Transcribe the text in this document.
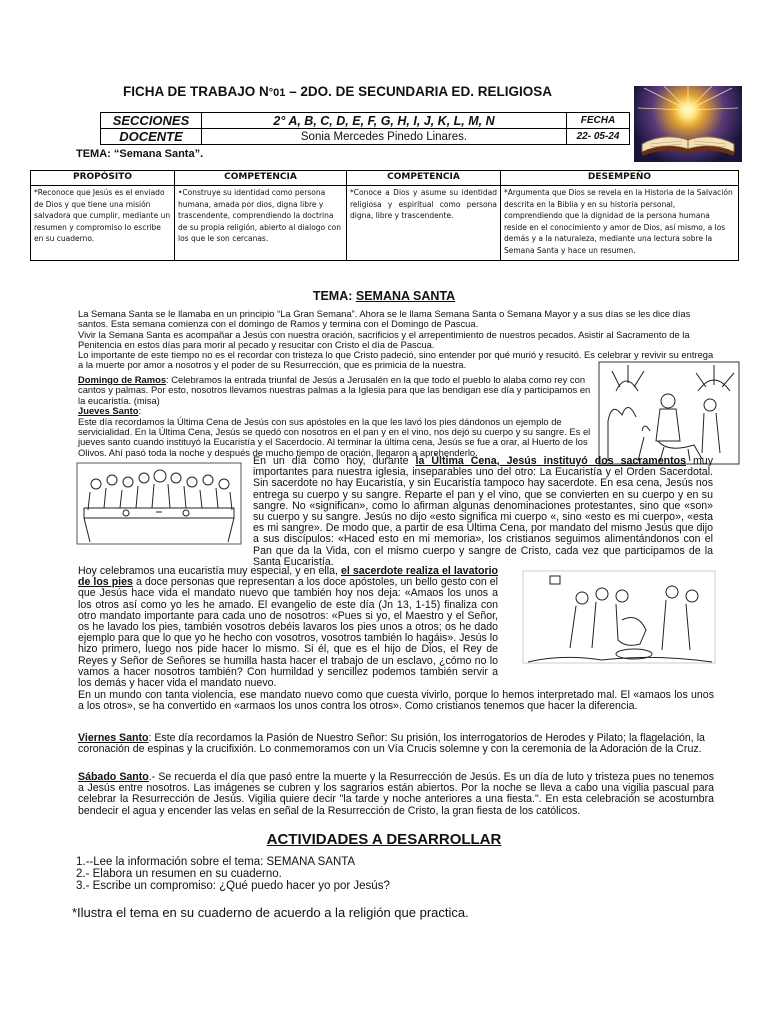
FICHA DE TRABAJO N°01 – 2DO. DE SECUNDARIA ED. RELIGIOSA
SECCIONES	2° A, B, C, D, E, F, G, H, I, J, K, L, M, N	FECHA
DOCENTE	Sonia Mercedes Pinedo Linares.	22- 05-24
TEMA: “Semana Santa”.
PROPÓSITO	COMPETENCIA	COMPETENCIA	DESEMPEÑO
*Reconoce que Jesús es el enviado de Dios y que tiene una misión salvadora que cumplir, mediante un resumen y compromiso lo escribe en su cuaderno.	•Construye su identidad como persona humana, amada por dios, digna libre y trascendente, comprendiendo la doctrina de su propia religión, abierto al dialogo con los que le son cercanas.	*Conoce a Dios y asume su identidad religiosa y espiritual como persona digna, libre y trascendente.	*Argumenta que Dios se revela en la Historia de la Salvación descrita en la Biblia y en su historia personal, comprendiendo que la dignidad de la persona humana reside en el conocimiento y amor de Dios, así mismo, a los demás y a la naturaleza, mediante una lectura sobre la Semana Santa y hace un resumen.
TEMA: SEMANA SANTA

La Semana Santa se le llamaba en un principio “La Gran Semana”. Ahora se le llama Semana Santa o Semana Mayor y a sus días se les dice días santos. Esta semana comienza con el domingo de Ramos y termina con el Domingo de Pascua.

Vivir la Semana Santa es acompañar a Jesús con nuestra oración, sacrificios y el arrepentimiento de nuestros pecados. Asistir al Sacramento de la Penitencia en estos días para morir al pecado y resucitar con Cristo el día de Pascua.

Lo importante de este tiempo no es el recordar con tristeza lo que Cristo padeció, sino entender por qué murió y resucitó. Es celebrar y revivir su entrega a la muerte por amor a nosotros y el poder de su Resurrección, que es primicia de la nuestra.

Domingo de Ramos: Celebramos la entrada triunfal de Jesús a Jerusalén en la que todo el pueblo lo alaba como rey con cantos y palmas. Por esto, nosotros llevamos nuestras palmas a la Iglesia para que las bendigan ese día y participamos en la eucaristía. (misa)

Jueves Santo:

Este día recordamos la Última Cena de Jesús con sus apóstoles en la que les lavó los pies dándonos un ejemplo de servicialidad. En la Última Cena, Jesús se quedó con nosotros en el pan y en el vino, nos dejó su cuerpo y su sangre. Es el jueves santo cuando instituyó la Eucaristía y el Sacerdocio. Al terminar la última cena, Jesús se fue a orar, al Huerto de los Olivos. Ahí pasó toda la noche y después de mucho tiempo de oración, llegaron a aprehenderlo.

En un día como hoy, durante la Última Cena, Jesús instituyó dos sacramentos muy importantes para nuestra iglesia, inseparables uno del otro: La Eucaristía y el Orden Sacerdotal. Sin sacerdote no hay Eucaristía, y sin Eucaristía tampoco hay sacerdote. En esa cena, Jesús nos entrega su cuerpo y su sangre. Reparte el pan y el vino, que se convierten en su cuerpo y en su sangre. No «significan», como lo afirman algunas denominaciones protestantes, sino que «son» su cuerpo y su sangre. Jesús no dijo «esto significa mi cuerpo «, sino «esto es mi cuerpo», «esta es mi sangre». De modo que, a partir de esa Última Cena, por mandato del mismo Jesús que dijo a sus discípulos: «Haced esto en mi memoria», los cristianos seguimos alimentándonos con el Pan que da la Vida, con el mismo cuerpo y sangre de Cristo, cada vez que participamos de la Santa Eucaristía.
Hoy celebramos una eucaristía muy especial, y en ella, el sacerdote realiza el lavatorio de los pies a doce personas que representan a los doce apóstoles, un bello gesto con el que Jesús hace vida el mandato nuevo que también hoy nos deja: «Amaos los unos a los otros así como yo les he amado. El evangelio de este día (Jn 13, 1-15) finaliza con otro mandato importante para cada uno de nosotros: «Pues si yo, el Maestro y el Señor, os he lavado los pies, también vosotros debéis lavaros los pies unos a otros; os he dado ejemplo para que lo que yo he hecho con vosotros, vosotros también lo hagáis». Jesús lo hizo primero, luego nos pide hacer lo mismo. Si él, que es el hijo de Dios, el Rey de Reyes y Señor de Señores se humilla hasta hacer el trabajo de un esclavo, ¿cómo no lo vamos a hacer nosotros también? Con humildad y sencillez podemos también servir a los demás y hacer vida el mandato nuevo.
En un mundo con tanta violencia, ese mandato nuevo como que cuesta vivirlo, porque lo hemos interpretado mal. El «amaos los unos a los otros», se ha convertido en «armaos los unos contra los otros». Como cristianos tenemos que hacer la diferencia.
Viernes Santo: Este día recordamos la Pasión de Nuestro Señor: Su prisión, los interrogatorios de Herodes y Pilato; la flagelación, la coronación de espinas y la crucifixión. Lo conmemoramos con un Vía Crucis solemne y con la ceremonia de la Adoración de la Cruz.
Sábado Santo.- Se recuerda el día que pasó entre la muerte y la Resurrección de Jesús. Es un día de luto y tristeza pues no tenemos a Jesús entre nosotros. Las imágenes se cubren y los sagrarios están abiertos. Por la noche se lleva a cabo una vigilia pascual para celebrar la Resurrección de Jesús. Vigilia quiere decir "la tarde y noche anteriores a una fiesta.". En esta celebración se acostumbra bendecir el agua y encender las velas en señal de la Resurrección de Cristo, la gran fiesta de los católicos.
ACTIVIDADES A DESARROLLAR
1.--Lee la información sobre el tema: SEMANA SANTA
2.- Elabora un resumen en su cuaderno.
3.- Escribe un compromiso: ¿Qué puedo hacer yo por Jesús?
*Ilustra el tema en su cuaderno de acuerdo a la religión que practica.
